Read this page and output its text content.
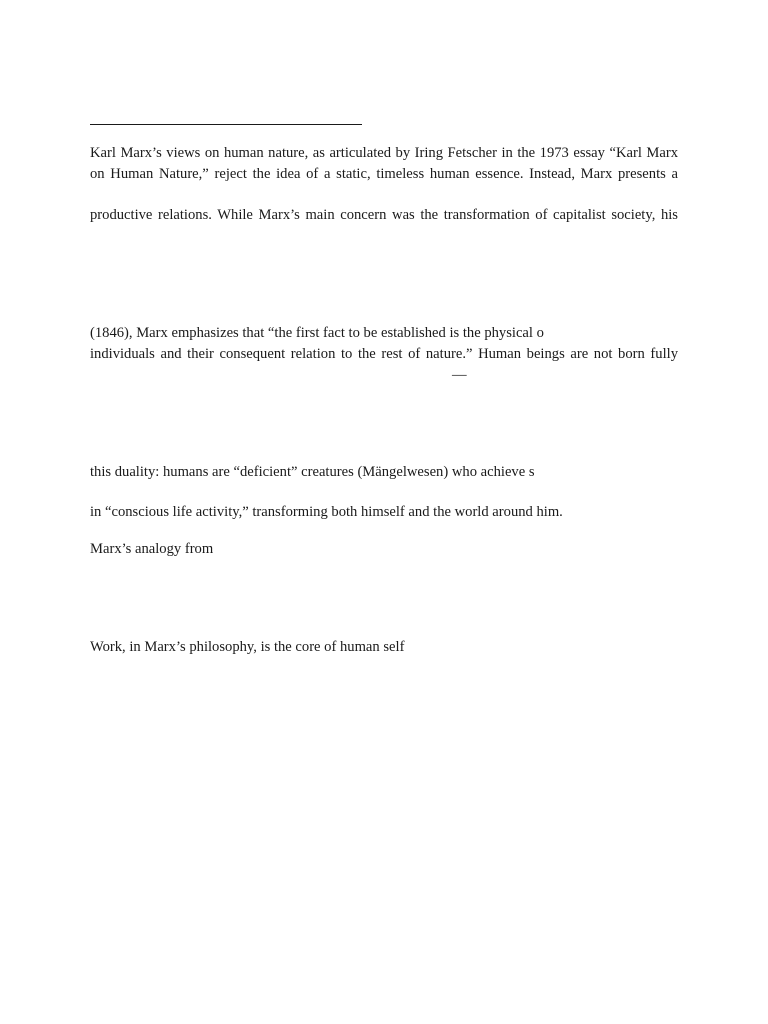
Karl Marx’s views on human nature, as articulated by Iring Fetscher in the 1973 essay “Karl Marx

on Human Nature,” reject the idea of a static, timeless human essence. Instead, Marx presents a

productive relations. While Marx’s main concern was the transformation of capitalist society, his

(1846), Marx emphasizes that “the first fact to be established is the physical o

individuals and their consequent relation to the rest of nature.” Human beings are not born fully

—

this duality: humans are “deficient” creatures (Mängelwesen) who achieve s

in “conscious life activity,” transforming both himself and the world around him.

Marx’s analogy from

Work, in Marx’s philosophy, is the core of human self
